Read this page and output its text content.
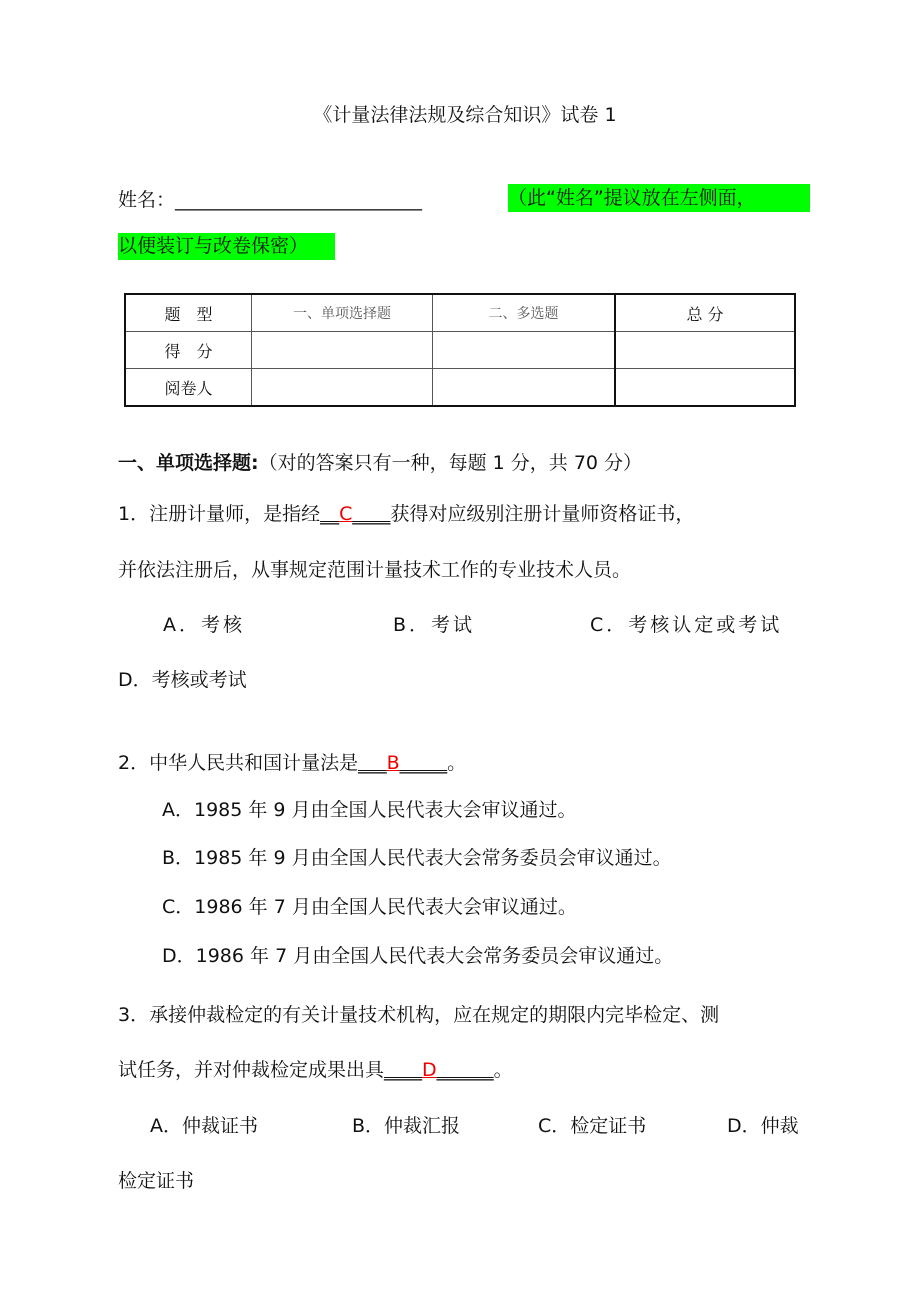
《计量法律法规及综合知识》试卷 1
姓名：__________________________	（此“姓名”提议放在左侧面，
以便装订与改卷保密）
题　型	一、单项选择题	二、多选题	总 分
得　分			
阅卷人			
一、单项选择题:（对的答案只有一种，每题 1 分，共 70 分）
1．注册计量师，是指经__C____获得对应级别注册计量师资格证书，
并依法注册后，从事规定范围计量技术工作的专业技术人员。
A．考核	B．考试	C．考核认定或考试
D．考核或考试
2．中华人民共和国计量法是___B_____。
A．1985 年 9 月由全国人民代表大会审议通过。
B．1985 年 9 月由全国人民代表大会常务委员会审议通过。
C．1986 年 7 月由全国人民代表大会审议通过。
D．1986 年 7 月由全国人民代表大会常务委员会审议通过。
3．承接仲裁检定的有关计量技术机构，应在规定的期限内完毕检定、测
试任务，并对仲裁检定成果出具____D______。
A．仲裁证书	B．仲裁汇报	C．检定证书	D．仲裁
检定证书
